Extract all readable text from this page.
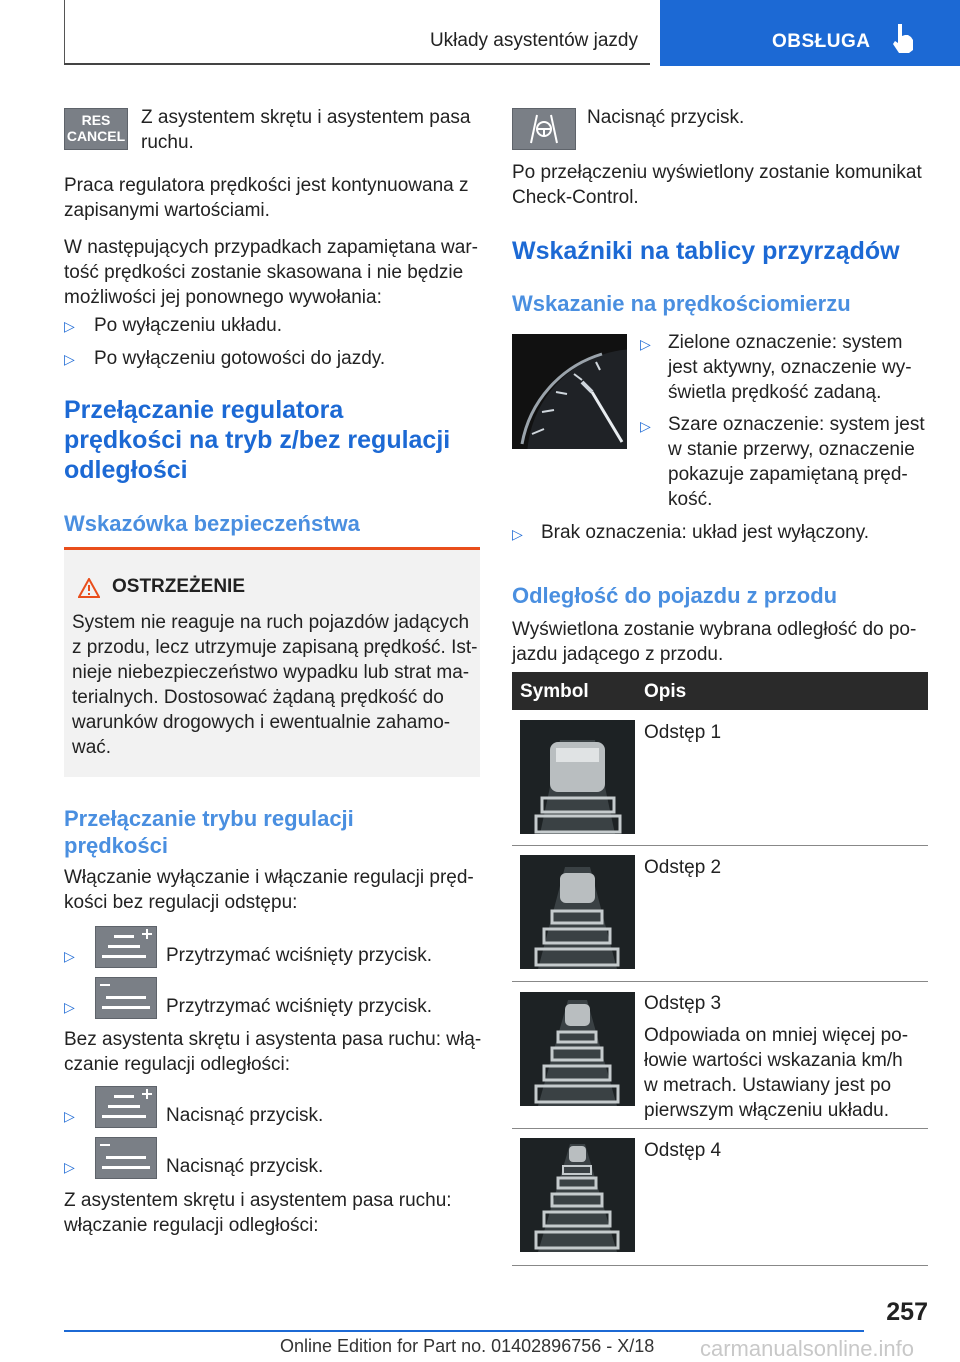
Układy asystentów jazdy	OBSŁUGA
RES
CANCEL
Z asystentem skrętu i asystentem pasa ruchu.
Praca regulatora prędkości jest kontynuowana z zapisanymi wartościami.
W następujących przypadkach zapamiętana wartość prędkości zostanie skasowana i nie będzie możliwości jej ponownego wywołania:
▷ Po wyłączeniu układu.
▷ Po wyłączeniu gotowości do jazdy.
Przełączanie regulatora
prędkości na tryb z/bez regulacji
odległości
Wskazówka bezpieczeństwa
OSTRZEŻENIE
System nie reaguje na ruch pojazdów jadących
z przodu, lecz utrzymuje zapisaną prędkość. Ist-
nieje niebezpieczeństwo wypadku lub strat ma-
terialnych. Dostosować żądaną prędkość do
warunków drogowych i ewentualnie zahamo-
wać.
Przełączanie trybu regulacji
prędkości
Włączanie wyłączanie i włączanie regulacji pręd-
kości bez regulacji odstępu:
▷	Przytrzymać wciśnięty przycisk.
▷	Przytrzymać wciśnięty przycisk.
Bez asystenta skrętu i asystenta pasa ruchu: włą-
czanie regulacji odległości:
▷	Nacisnąć przycisk.
▷	Nacisnąć przycisk.
Z asystentem skrętu i asystentem pasa ruchu:
włączanie regulacji odległości:
Nacisnąć przycisk.
Po przełączeniu wyświetlony zostanie komunikat
Check-Control.
Wskaźniki na tablicy przyrządów
Wskazanie na prędkościomierzu
▷ Zielone oznaczenie: system
jest aktywny, oznaczenie wy-
świetla prędkość zadaną.
▷ Szare oznaczenie: system jest
w stanie przerwy, oznaczenie
pokazuje zapamiętaną pręd-
kość.
▷ Brak oznaczenia: układ jest wyłączony.
Odległość do pojazdu z przodu
Wyświetlona zostanie wybrana odległość do po-
jazdu jadącego z przodu.
Symbol	Opis
Odstęp 1
Odstęp 2
Odstęp 3
Odpowiada on mniej więcej po-
łowie wartości wskazania km/h
w metrach. Ustawiany jest po
pierwszym włączeniu układu.
Odstęp 4
257
Online Edition for Part no. 01402896756 - X/18 carmanualsonline.info
